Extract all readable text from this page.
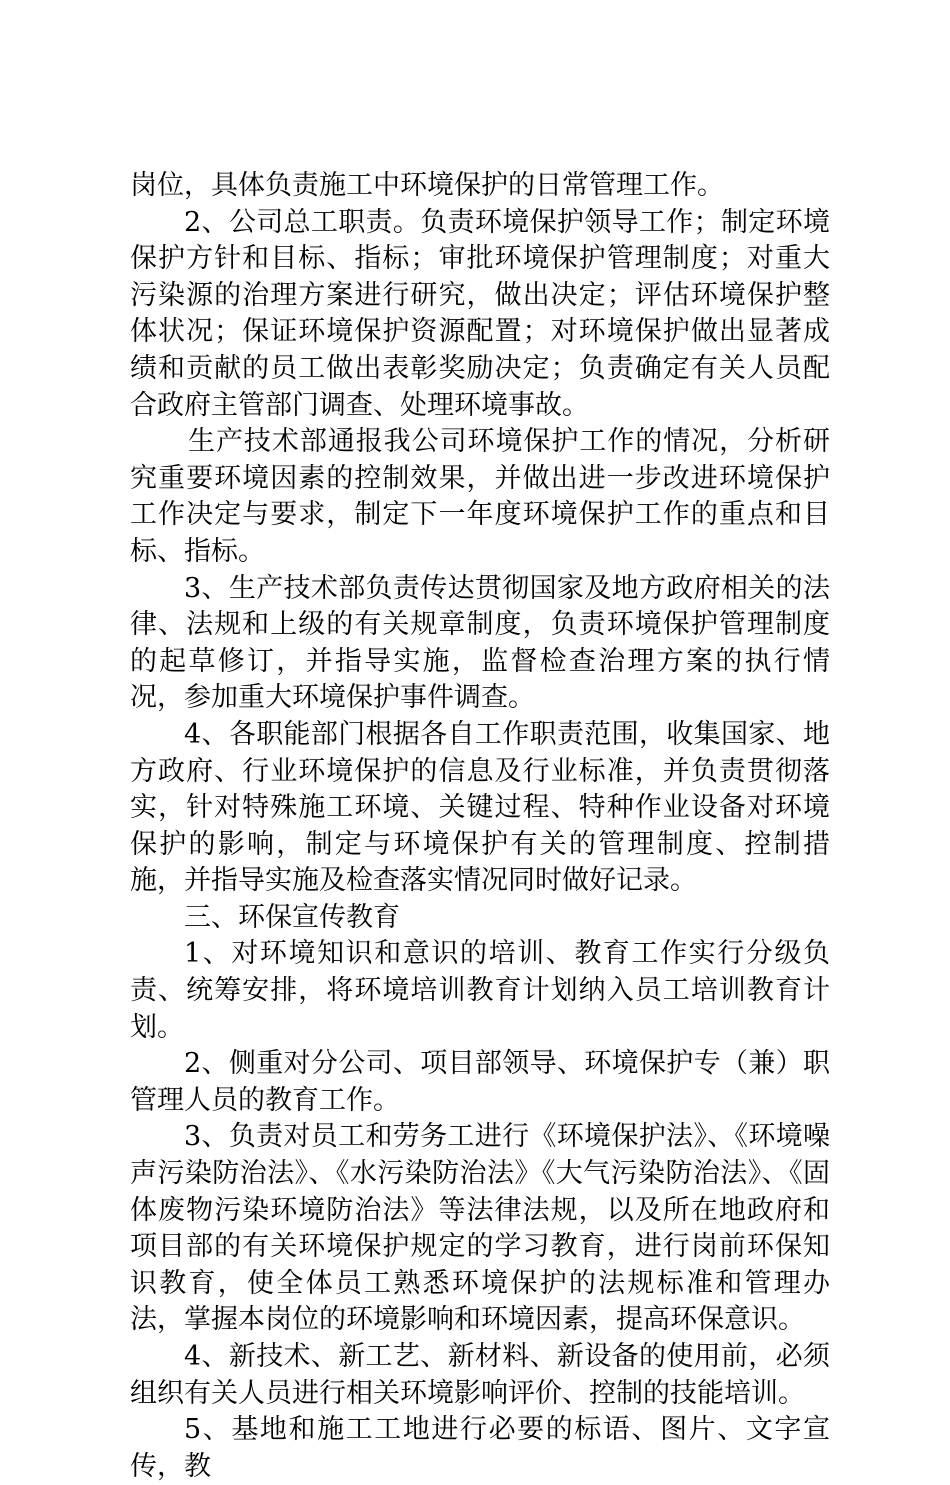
岗位，具体负责施工中环境保护的日常管理工作。

2、公司总工职责。负责环境保护领导工作；制定环境保护方针和目标、指标；审批环境保护管理制度；对重大污染源的治理方案进行研究，做出决定；评估环境保护整体状况；保证环境保护资源配置；对环境保护做出显著成绩和贡献的员工做出表彰奖励决定；负责确定有关人员配合政府主管部门调查、处理环境事故。

生产技术部通报我公司环境保护工作的情况，分析研究重要环境因素的控制效果，并做出进一步改进环境保护工作决定与要求，制定下一年度环境保护工作的重点和目标、指标。

3、生产技术部负责传达贯彻国家及地方政府相关的法律、法规和上级的有关规章制度，负责环境保护管理制度的起草修订，并指导实施，监督检查治理方案的执行情况，参加重大环境保护事件调查。

4、各职能部门根据各自工作职责范围，收集国家、地方政府、行业环境保护的信息及行业标准，并负责贯彻落实，针对特殊施工环境、关键过程、特种作业设备对环境保护的影响，制定与环境保护有关的管理制度、控制措施，并指导实施及检查落实情况同时做好记录。

三、环保宣传教育

1、对环境知识和意识的培训、教育工作实行分级负责、统筹安排，将环境培训教育计划纳入员工培训教育计划。

2、侧重对分公司、项目部领导、环境保护专（兼）职管理人员的教育工作。

3、负责对员工和劳务工进行《环境保护法》、《环境噪声污染防治法》、《水污染防治法》《大气污染防治法》、《固体废物污染环境防治法》等法律法规，以及所在地政府和项目部的有关环境保护规定的学习教育，进行岗前环保知识教育，使全体员工熟悉环境保护的法规标准和管理办法，掌握本岗位的环境影响和环境因素，提高环保意识。

4、新技术、新工艺、新材料、新设备的使用前，必须组织有关人员进行相关环境影响评价、控制的技能培训。

5、基地和施工工地进行必要的标语、图片、文字宣传，教
